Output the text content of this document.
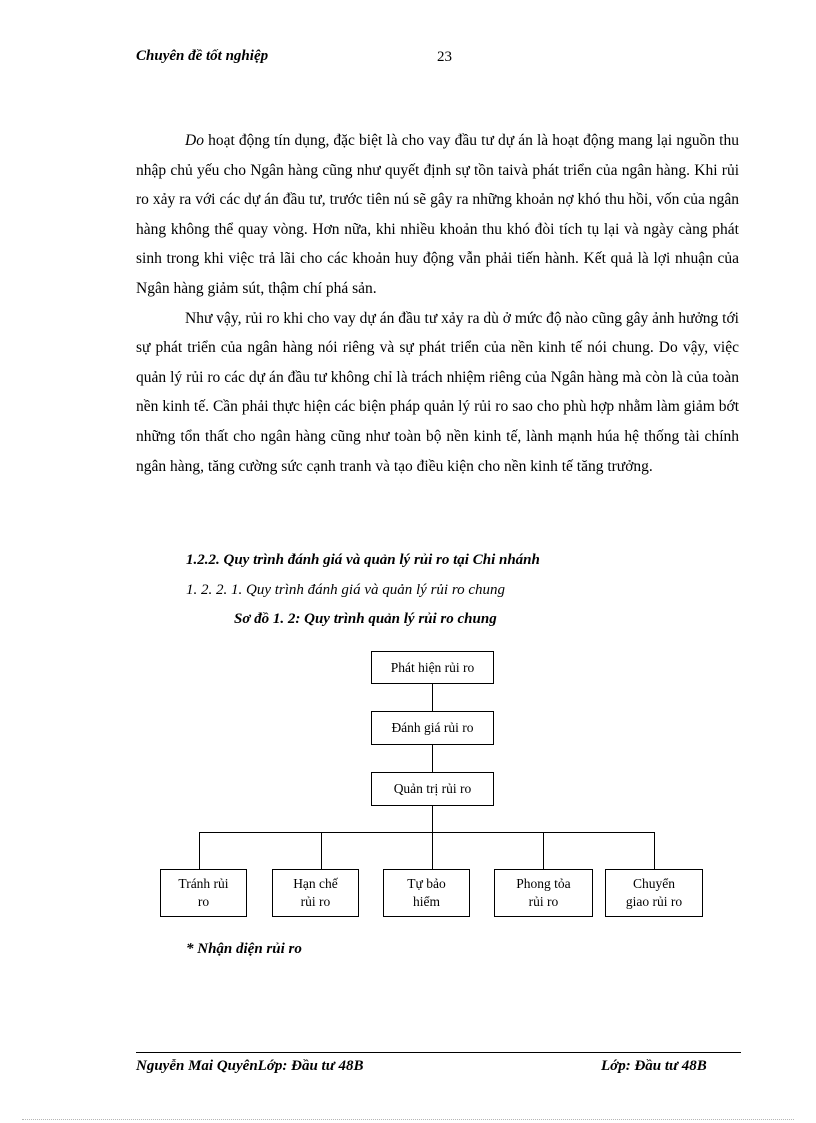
Chuyên đề tốt nghiệp	23

Do hoạt động tín dụng, đặc biệt là cho vay đầu tư dự án là hoạt động mang lại nguồn thu nhập chủ yếu cho Ngân hàng cũng như quyết định sự tồn taivà phát triển của ngân hàng. Khi rủi ro xảy ra với các dự án đầu tư, trước tiên nú sẽ gây ra những khoản nợ khó thu hồi, vốn của ngân hàng không thể quay vòng. Hơn nữa, khi nhiều khoản thu khó đòi tích tụ lại và ngày càng phát sinh trong khi việc trả lãi cho các khoản huy động vẫn phải tiến hành. Kết quả là lợi nhuận của Ngân hàng giảm sút, thậm chí phá sản.

Như vậy, rủi ro khi cho vay dự án đầu tư xảy ra dù ở mức độ nào cũng gây ảnh hưởng tới sự phát triển của ngân hàng nói riêng và sự phát triển của nền kinh tế nói chung. Do vậy, việc quản lý rủi ro các dự án đầu tư không chỉ là trách nhiệm riêng của Ngân hàng mà còn là của toàn nền kinh tế. Cần phải thực hiện các biện pháp quản lý rủi ro sao cho phù hợp nhằm làm giảm bớt những tổn thất cho ngân hàng cũng như toàn bộ nền kinh tế, lành mạnh húa hệ thống tài chính ngân hàng, tăng cường sức cạnh tranh và tạo điều kiện cho nền kinh tế tăng trưởng.

1.2.2. Quy trình đánh giá và quản lý rủi ro tại Chi nhánh
1. 2. 2. 1. Quy trình đánh giá và quản lý rủi ro chung
Sơ đồ 1. 2: Quy trình quản lý rủi ro chung
Phát hiện rủi ro
Đánh giá rủi ro
Quản trị rủi ro
Tránh rủi
ro
Hạn chế
rủi ro
Tự bảo
hiểm
Phong tỏa
rủi ro
Chuyển
giao rủi ro
* Nhận diện rủi ro
Nguyễn Mai QuyênLớp: Đầu tư 48B	Lớp: Đầu tư 48B
